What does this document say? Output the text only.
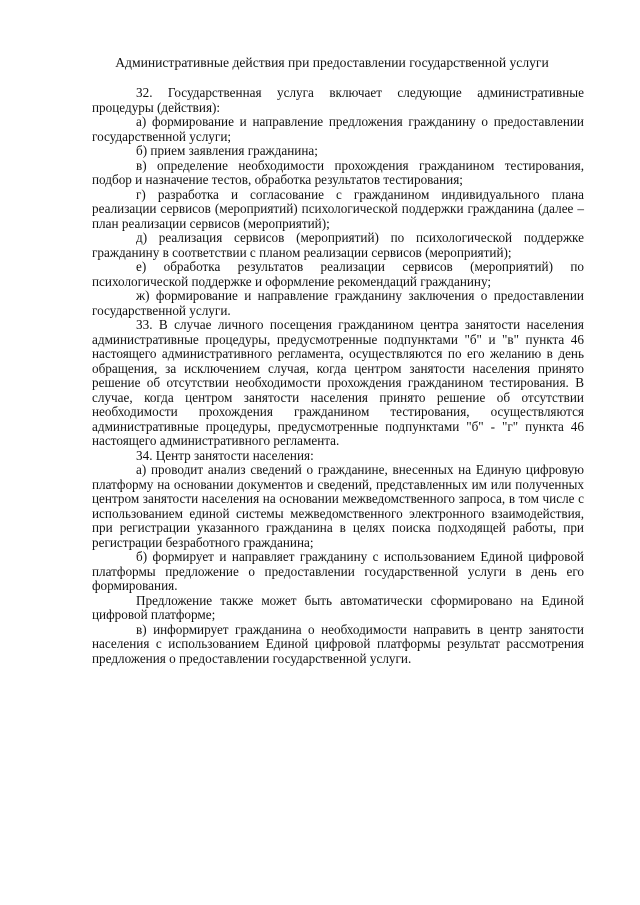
Административные действия при предоставлении государственной услуги

32. Государственная услуга включает следующие административные процедуры (действия):

а) формирование и направление предложения гражданину о предоставлении государственной услуги;

б) прием заявления гражданина;

в) определение необходимости прохождения гражданином тестирования, подбор и назначение тестов, обработка результатов тестирования;

г) разработка и согласование с гражданином индивидуального плана реализации сервисов (мероприятий) психологической поддержки гражданина (далее – план реализации сервисов (мероприятий);

д) реализация сервисов (мероприятий) по психологической поддержке гражданину в соответствии с планом реализации сервисов (мероприятий);

е) обработка результатов реализации сервисов (мероприятий) по психологической поддержке и оформление рекомендаций гражданину;

ж) формирование и направление гражданину заключения о предоставлении государственной услуги.

33. В случае личного посещения гражданином центра занятости населения административные процедуры, предусмотренные подпунктами "б" и "в" пункта 46 настоящего административного регламента, осуществляются по его желанию в день обращения, за исключением случая, когда центром занятости населения принято решение об отсутствии необходимости прохождения гражданином тестирования. В случае, когда центром занятости населения принято решение об отсутствии необходимости прохождения гражданином тестирования, осуществляются административные процедуры, предусмотренные подпунктами "б" - "г" пункта 46 настоящего административного регламента.

34. Центр занятости населения:

а) проводит анализ сведений о гражданине, внесенных на Единую цифровую платформу на основании документов и сведений, представленных им или полученных центром занятости населения на основании межведомственного запроса, в том числе с использованием единой системы межведомственного электронного взаимодействия, при регистрации указанного гражданина в целях поиска подходящей работы, при регистрации безработного гражданина;

б) формирует и направляет гражданину с использованием Единой цифровой платформы предложение о предоставлении государственной услуги в день его формирования.

Предложение также может быть автоматически сформировано на Единой цифровой платформе;

в) информирует гражданина о необходимости направить в центр занятости населения с использованием Единой цифровой платформы результат рассмотрения предложения о предоставлении государственной услуги.
